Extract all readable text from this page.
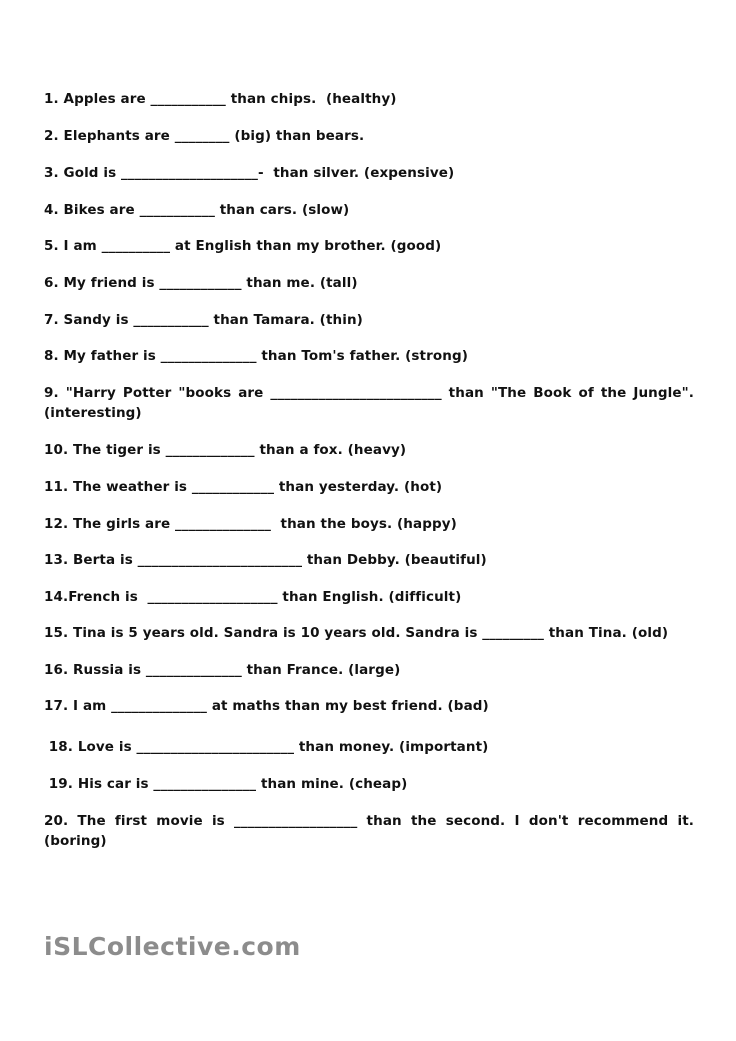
1. Apples are ___________ than chips.  (healthy)
2. Elephants are ________ (big) than bears.
3. Gold is ____________________-  than silver. (expensive)
4. Bikes are ___________ than cars. (slow)
5. I am __________ at English than my brother. (good)
6. My friend is ____________ than me. (tall)
7. Sandy is ___________ than Tamara. (thin)
8. My father is ______________ than Tom's father. (strong)
9. "Harry Potter "books are _________________________ than "The Book of the Jungle". (interesting)
10. The tiger is _____________ than a fox. (heavy)
11. The weather is ____________ than yesterday. (hot)
12. The girls are ______________  than the boys. (happy)
13. Berta is ________________________ than Debby. (beautiful)
14.French is  ___________________ than English. (difficult)
15. Tina is 5 years old. Sandra is 10 years old. Sandra is _________ than Tina. (old)
16. Russia is ______________ than France. (large)
17. I am ______________ at maths than my best friend. (bad)
18. Love is _______________________ than money. (important)
19. His car is _______________ than mine. (cheap)
20. The first movie is __________________ than the second. I don't recommend it. (boring)
iSLCollective.com
